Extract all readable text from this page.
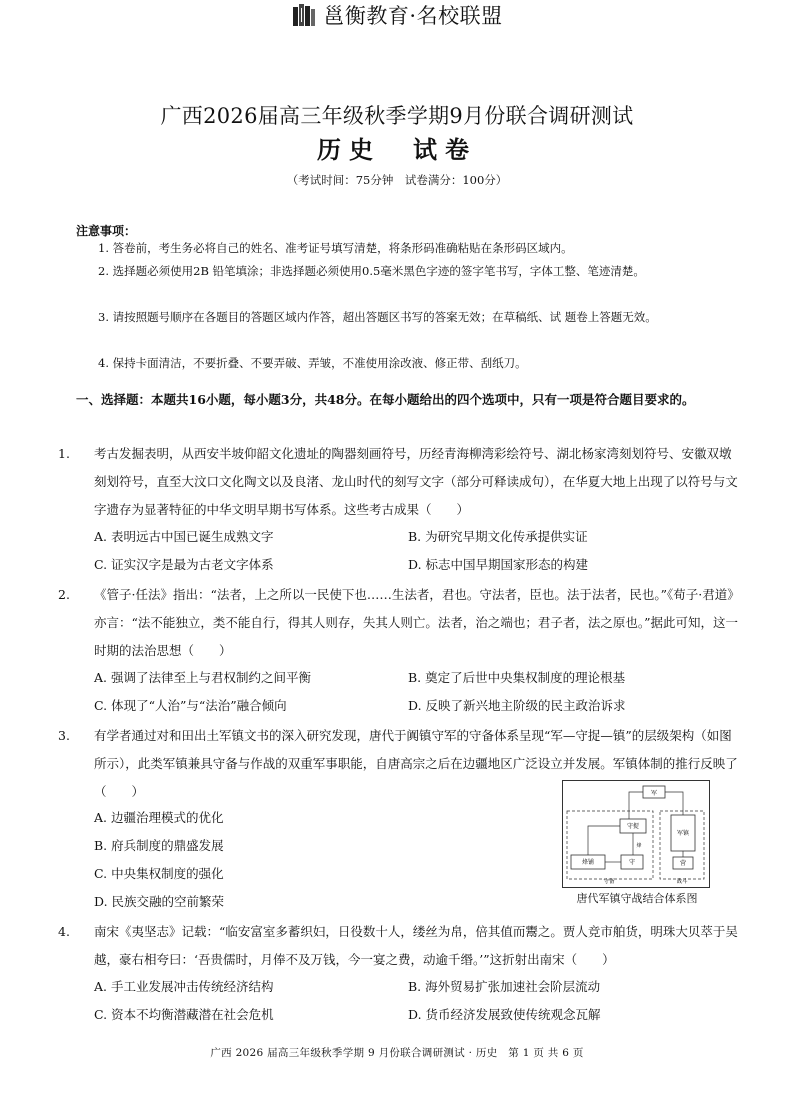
邕衡教育·名校联盟
广西2026届高三年级秋季学期9月份联合调研测试
历史　试卷
（考试时间：75分钟　试卷满分：100分）
注意事项：
1. 答卷前，考生务必将自己的姓名、准考证号填写清楚，将条形码准确粘贴在条形码区域内。
2. 选择题必须使用2B 铅笔填涂；非选择题必须使用0.5毫米黑色字迹的签字笔书写，字体工整、笔迹清楚。
3. 请按照题号顺序在各题目的答题区域内作答，超出答题区书写的答案无效；在草稿纸、试 题卷上答题无效。
4. 保持卡面清洁，不要折叠、不要弄破、弄皱，不准使用涂改液、修正带、刮纸刀。
一、选择题：本题共16小题，每小题3分，共48分。在每小题给出的四个选项中，只有一项是符合题目要求的。
1. 考古发掘表明，从西安半坡仰韶文化遗址的陶器刻画符号，历经青海柳湾彩绘符号、湖北杨家湾刻划符号、安徽双墩刻划符号，直至大汶口文化陶文以及良渚、龙山时代的刻写文字（部分可释读成句），在华夏大地上出现了以符号与文字遗存为显著特征的中华文明早期书写体系。这些考古成果（　　）
A. 表明远古中国已诞生成熟文字	B. 为研究早期文化传承提供实证
C. 证实汉字是最为古老文字体系	D. 标志中国早期国家形态的构建
2. 《管子·任法》指出：“法者，上之所以一民使下也……生法者，君也。守法者，臣也。法于法者，民也。”《荀子·君道》亦言：“法不能独立，类不能自行，得其人则存，失其人则亡。法者，治之端也；君子者，法之原也。”据此可知，这一时期的法治思想（　　）
A. 强调了法律至上与君权制约之间平衡	B. 奠定了后世中央集权制度的理论根基
C. 体现了“人治”与“法治”融合倾向	D. 反映了新兴地主阶级的民主政治诉求
3. 有学者通过对和田出土军镇文书的深入研究发现，唐代于阗镇守军的守备体系呈现“军—守捉—镇”的层级架构（如图所示），此类军镇兼具守备与作战的双重军事职能，自唐高宗之后在边疆地区广泛设立并发展。军镇体制的推行反映了（　　）
A. 边疆治理模式的优化
B. 府兵制度的鼎盛发展
C. 中央集权制度的强化
D. 民族交融的空前繁荣
军
守捉
军镇
烽铺	守	营
守备	战斗
烽
唐代军镇守战结合体系图
4. 南宋《夷坚志》记载：“临安富室多蓄织妇，日役数十人，缕丝为帛，倍其值而鬻之。贾人竞市舶货，明珠大贝萃于吴越，豪右相夸曰：‘吾贵儒时，月俸不及万钱，今一宴之费，动逾千缗。’”这折射出南宋（　　）
A. 手工业发展冲击传统经济结构	B. 海外贸易扩张加速社会阶层流动
C. 资本不均衡潜藏潜在社会危机	D. 货币经济发展致使传统观念瓦解
广西 2026 届高三年级秋季学期 9 月份联合调研测试 · 历史　第 1 页 共 6 页
